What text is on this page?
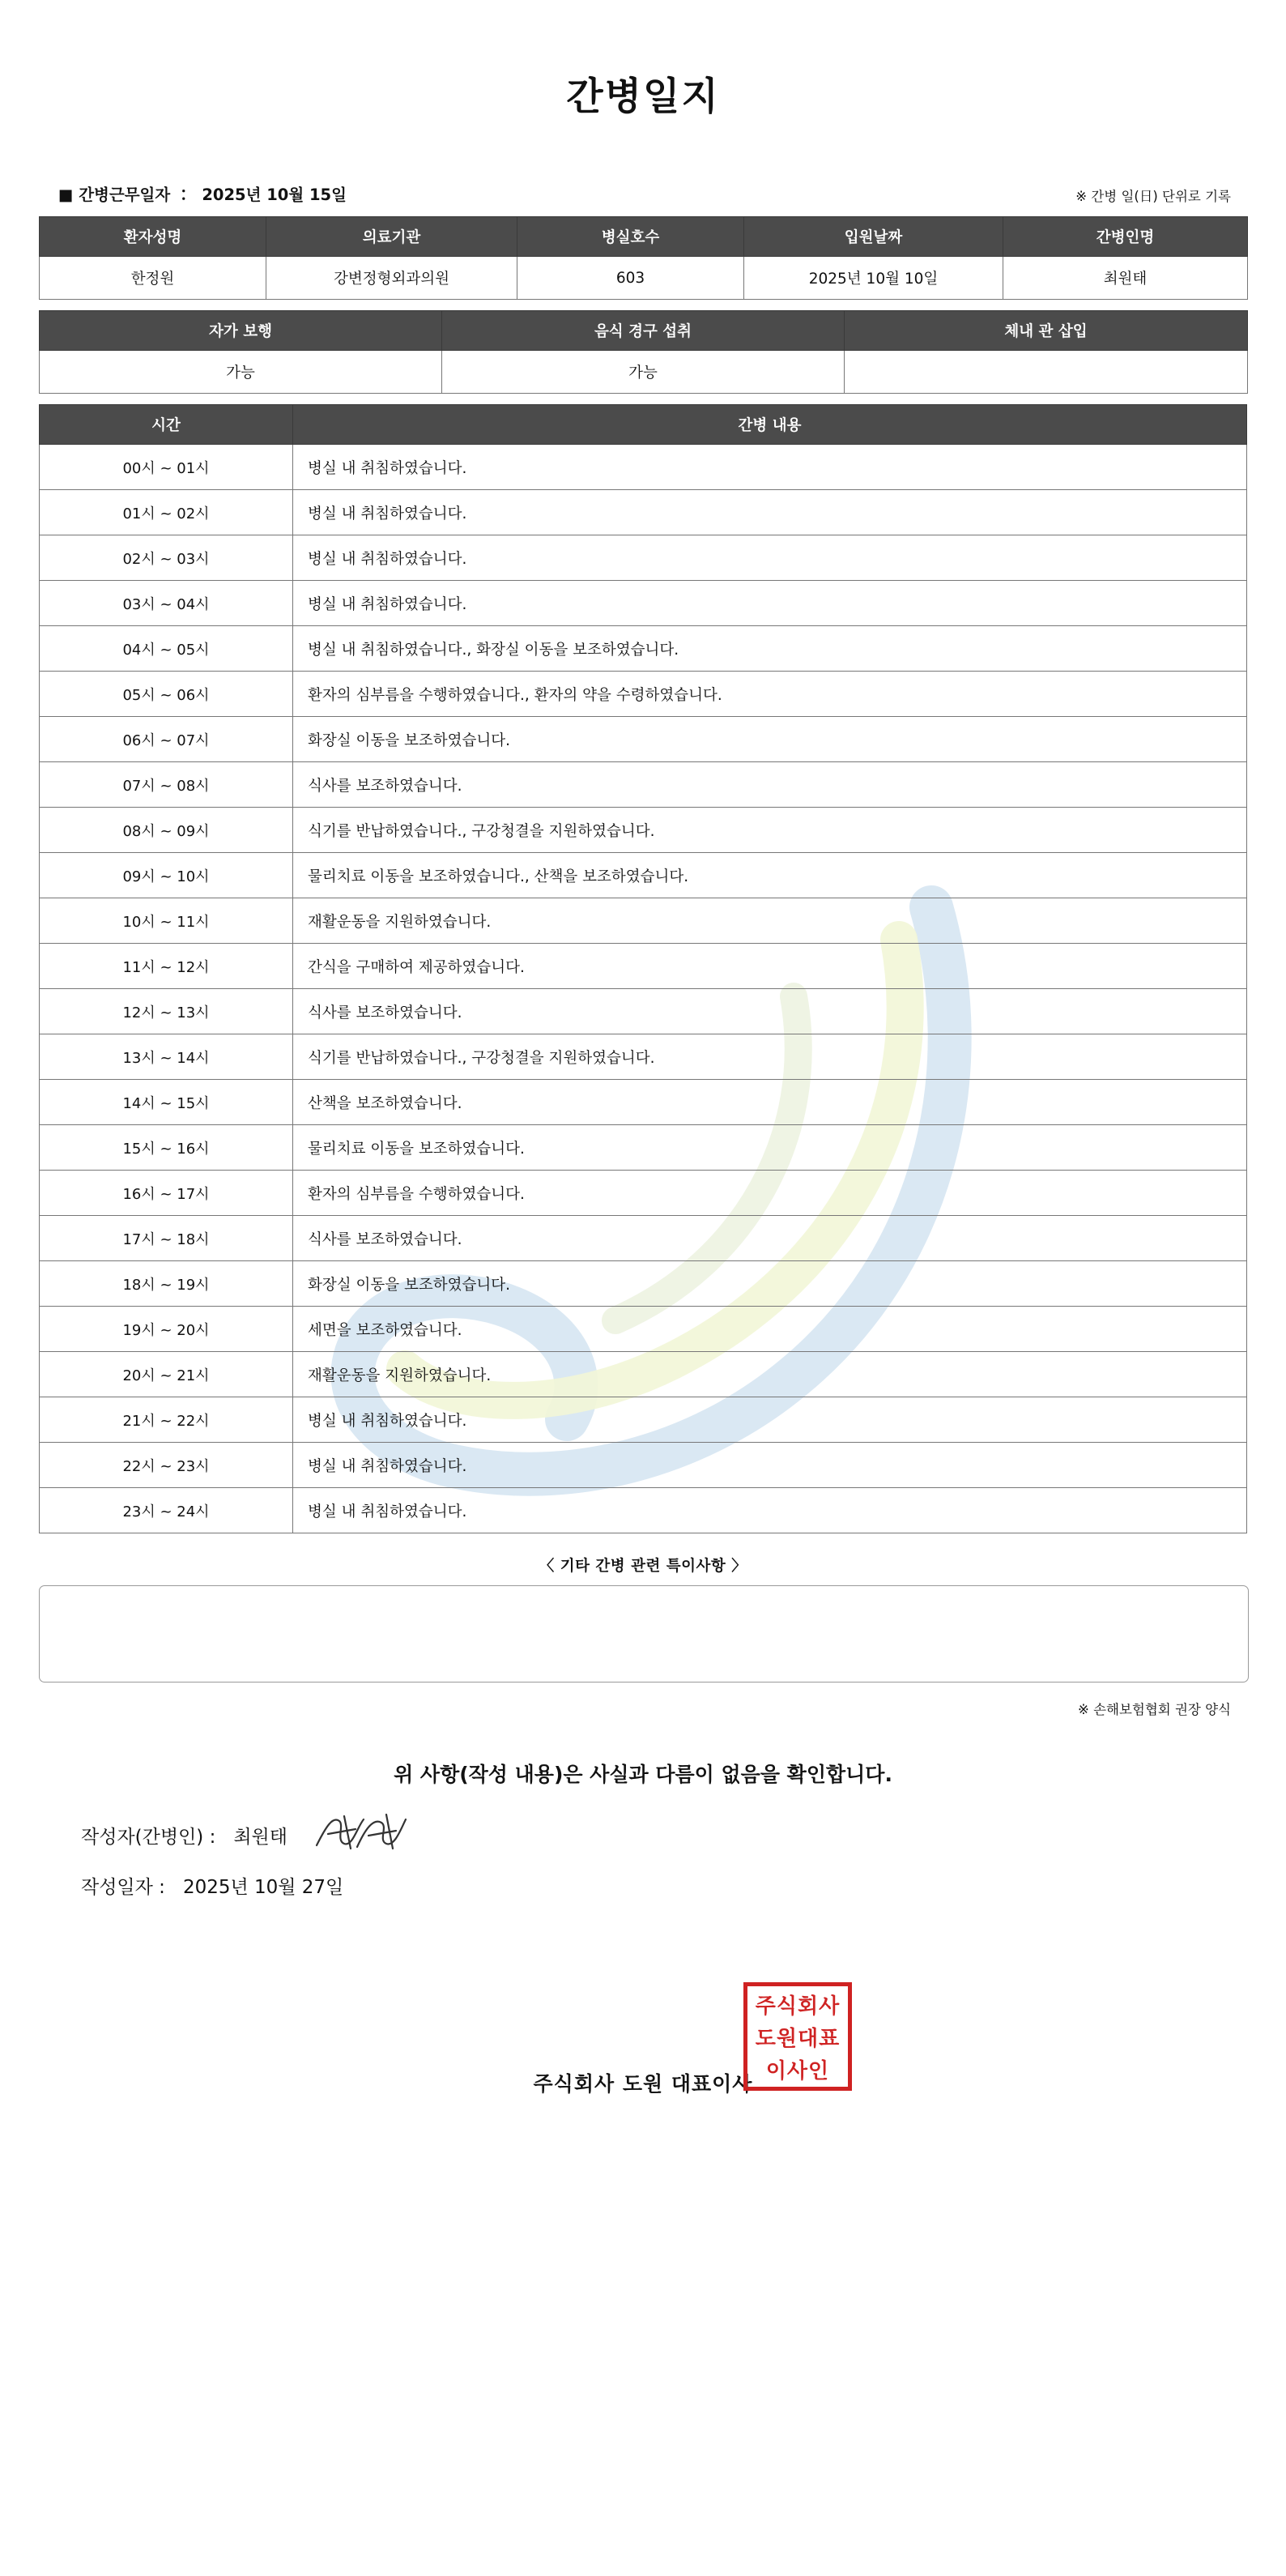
간병일지
■ 간병근무일자 ： 2025년 10월 15일	※ 간병 일(日) 단위로 기록
환자성명	의료기관	병실호수	입원날짜	간병인명
한정원	강변정형외과의원	603	2025년 10월 10일	최원태
자가 보행	음식 경구 섭취	체내 관 삽입
가능	가능	
시간	간병 내용
00시 ~ 01시	병실 내 취침하였습니다.
01시 ~ 02시	병실 내 취침하였습니다.
02시 ~ 03시	병실 내 취침하였습니다.
03시 ~ 04시	병실 내 취침하였습니다.
04시 ~ 05시	병실 내 취침하였습니다., 화장실 이동을 보조하였습니다.
05시 ~ 06시	환자의 심부름을 수행하였습니다., 환자의 약을 수령하였습니다.
06시 ~ 07시	화장실 이동을 보조하였습니다.
07시 ~ 08시	식사를 보조하였습니다.
08시 ~ 09시	식기를 반납하였습니다., 구강청결을 지원하였습니다.
09시 ~ 10시	물리치료 이동을 보조하였습니다., 산책을 보조하였습니다.
10시 ~ 11시	재활운동을 지원하였습니다.
11시 ~ 12시	간식을 구매하여 제공하였습니다.
12시 ~ 13시	식사를 보조하였습니다.
13시 ~ 14시	식기를 반납하였습니다., 구강청결을 지원하였습니다.
14시 ~ 15시	산책을 보조하였습니다.
15시 ~ 16시	물리치료 이동을 보조하였습니다.
16시 ~ 17시	환자의 심부름을 수행하였습니다.
17시 ~ 18시	식사를 보조하였습니다.
18시 ~ 19시	화장실 이동을 보조하였습니다.
19시 ~ 20시	세면을 보조하였습니다.
20시 ~ 21시	재활운동을 지원하였습니다.
21시 ~ 22시	병실 내 취침하였습니다.
22시 ~ 23시	병실 내 취침하였습니다.
23시 ~ 24시	병실 내 취침하였습니다.
〈 기타 간병 관련 특이사항 〉
※ 손해보험협회 권장 양식
위 사항(작성 내용)은 사실과 다름이 없음을 확인합니다.
작성자(간병인) : 최원태
작성일자 : 2025년 10월 27일
주식회사 도원 대표이사
주식회사
도원대표
이사인
